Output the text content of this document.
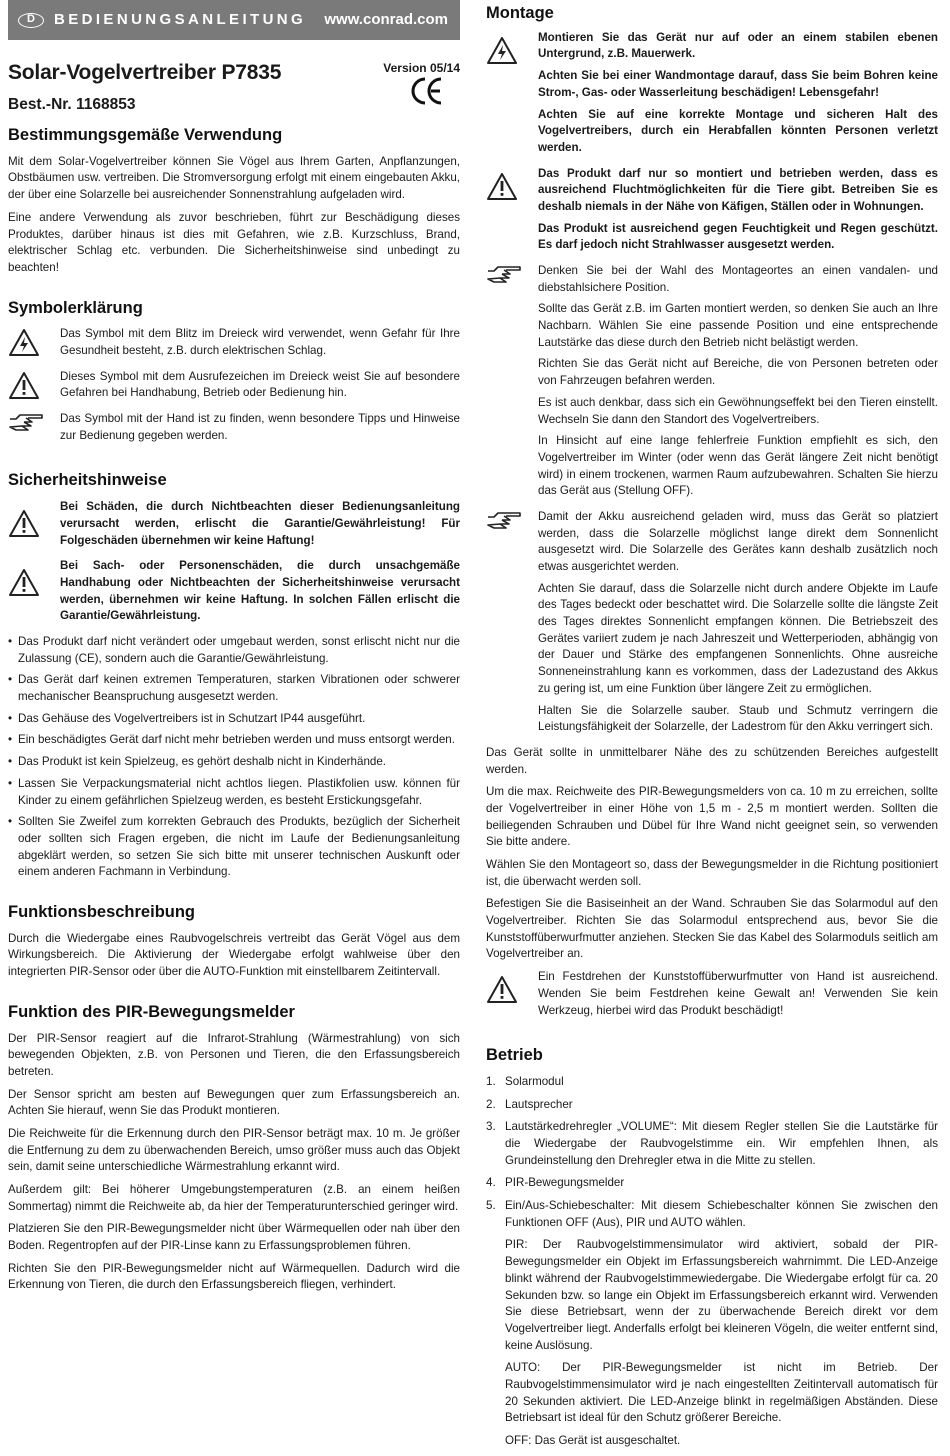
D	BEDIENUNGSANLEITUNG www.conrad.com
Solar-Vogelvertreiber P7835
Best.-Nr. 1168853
Version 05/14
Bestimmungsgemäße Verwendung

Mit dem Solar-Vogelvertreiber können Sie Vögel aus Ihrem Garten, Anpflanzungen, Obstbäumen usw. vertreiben. Die Stromversorgung erfolgt mit einem eingebauten Akku, der über eine Solarzelle bei ausreichender Sonnenstrahlung aufgeladen wird.

Eine andere Verwendung als zuvor beschrieben, führt zur Beschädigung dieses Produktes, darüber hinaus ist dies mit Gefahren, wie z.B. Kurzschluss, Brand, elektrischer Schlag etc. verbunden. Die Sicherheitshinweise sind unbedingt zu beachten!

Symbolerklärung

Das Symbol mit dem Blitz im Dreieck wird verwendet, wenn Gefahr für Ihre Gesundheit besteht, z.B. durch elektrischen Schlag.

Dieses Symbol mit dem Ausrufezeichen im Dreieck weist Sie auf besondere Gefahren bei Handhabung, Betrieb oder Bedienung hin.

Das Symbol mit der Hand ist zu finden, wenn besondere Tipps und Hinweise zur Bedienung gegeben werden.

Sicherheitshinweise

Bei Schäden, die durch Nichtbeachten dieser Bedienungsanleitung verursacht werden, erlischt die Garantie/Gewährleistung! Für Folgeschäden übernehmen wir keine Haftung!

Bei Sach- oder Personenschäden, die durch unsachgemäße Handhabung oder Nichtbeachten der Sicherheitshinweise verursacht werden, übernehmen wir keine Haftung. In solchen Fällen erlischt die Garantie/Gewährleistung.

• Das Produkt darf nicht verändert oder umgebaut werden, sonst erlischt nicht nur die Zulassung (CE), sondern auch die Garantie/Gewährleistung.
• Das Gerät darf keinen extremen Temperaturen, starken Vibrationen oder schwerer mechanischer Beanspruchung ausgesetzt werden.
• Das Gehäuse des Vogelvertreibers ist in Schutzart IP44 ausgeführt.
• Ein beschädigtes Gerät darf nicht mehr betrieben werden und muss entsorgt werden.
• Das Produkt ist kein Spielzeug, es gehört deshalb nicht in Kinderhände.
• Lassen Sie Verpackungsmaterial nicht achtlos liegen. Plastikfolien usw. können für Kinder zu einem gefährlichen Spielzeug werden, es besteht Erstickungsgefahr.
• Sollten Sie Zweifel zum korrekten Gebrauch des Produkts, bezüglich der Sicherheit oder sollten sich Fragen ergeben, die nicht im Laufe der Bedienungsanleitung abgeklärt werden, so setzen Sie sich bitte mit unserer technischen Auskunft oder einem anderen Fachmann in Verbindung.
Funktionsbeschreibung

Durch die Wiedergabe eines Raubvogelschreis vertreibt das Gerät Vögel aus dem Wirkungsbereich. Die Aktivierung der Wiedergabe erfolgt wahlweise über den integrierten PIR-Sensor oder über die AUTO-Funktion mit einstellbarem Zeitintervall.

Funktion des PIR-Bewegungsmelder

Der PIR-Sensor reagiert auf die Infrarot-Strahlung (Wärmestrahlung) von sich bewegenden Objekten, z.B. von Personen und Tieren, die den Erfassungsbereich betreten.

Der Sensor spricht am besten auf Bewegungen quer zum Erfassungsbereich an. Achten Sie hierauf, wenn Sie das Produkt montieren.

Die Reichweite für die Erkennung durch den PIR-Sensor beträgt max. 10 m. Je größer die Entfernung zu dem zu überwachenden Bereich, umso größer muss auch das Objekt sein, damit seine unterschiedliche Wärmestrahlung erkannt wird.

Außerdem gilt: Bei höherer Umgebungstemperaturen (z.B. an einem heißen Sommertag) nimmt die Reichweite ab, da hier der Temperaturunterschied geringer wird.

Platzieren Sie den PIR-Bewegungsmelder nicht über Wärmequellen oder nah über den Boden. Regentropfen auf der PIR-Linse kann zu Erfassungsproblemen führen.

Richten Sie den PIR-Bewegungsmelder nicht auf Wärmequellen. Dadurch wird die Erkennung von Tieren, die durch den Erfassungsbereich fliegen, verhindert.

Montage

Montieren Sie das Gerät nur auf oder an einem stabilen ebenen Untergrund, z.B. Mauerwerk.

Achten Sie bei einer Wandmontage darauf, dass Sie beim Bohren keine Strom-, Gas- oder Wasserleitung beschädigen! Lebensgefahr!

Achten Sie auf eine korrekte Montage und sicheren Halt des Vogelvertreibers, durch ein Herabfallen könnten Personen verletzt werden.

Das Produkt darf nur so montiert und betrieben werden, dass es ausreichend Fluchtmöglichkeiten für die Tiere gibt. Betreiben Sie es deshalb niemals in der Nähe von Käfigen, Ställen oder in Wohnungen.

Das Produkt ist ausreichend gegen Feuchtigkeit und Regen geschützt. Es darf jedoch nicht Strahlwasser ausgesetzt werden.

Denken Sie bei der Wahl des Montageortes an einen vandalen- und diebstahlsichere Position.

Sollte das Gerät z.B. im Garten montiert werden, so denken Sie auch an Ihre Nachbarn. Wählen Sie eine passende Position und eine entsprechende Lautstärke das diese durch den Betrieb nicht belästigt werden.

Richten Sie das Gerät nicht auf Bereiche, die von Personen betreten oder von Fahrzeugen befahren werden.

Es ist auch denkbar, dass sich ein Gewöhnungseffekt bei den Tieren einstellt. Wechseln Sie dann den Standort des Vogelvertreibers.

In Hinsicht auf eine lange fehlerfreie Funktion empfiehlt es sich, den Vogelvertreiber im Winter (oder wenn das Gerät längere Zeit nicht benötigt wird) in einem trockenen, warmen Raum aufzubewahren. Schalten Sie hierzu das Gerät aus (Stellung OFF).

Damit der Akku ausreichend geladen wird, muss das Gerät so platziert werden, dass die Solarzelle möglichst lange direkt dem Sonnenlicht ausgesetzt wird. Die Solarzelle des Gerätes kann deshalb zusätzlich noch etwas ausgerichtet werden.

Achten Sie darauf, dass die Solarzelle nicht durch andere Objekte im Laufe des Tages bedeckt oder beschattet wird. Die Solarzelle sollte die längste Zeit des Tages direktes Sonnenlicht empfangen können. Die Betriebszeit des Gerätes variiert zudem je nach Jahreszeit und Wetterperioden, abhängig von der Dauer und Stärke des empfangenen Sonnenlichts. Ohne ausreiche Sonneneinstrahlung kann es vorkommen, dass der Ladezustand des Akkus zu gering ist, um eine Funktion über längere Zeit zu ermöglichen.

Halten Sie die Solarzelle sauber. Staub und Schmutz verringern die Leistungsfähigkeit der Solarzelle, der Ladestrom für den Akku verringert sich.

Das Gerät sollte in unmittelbarer Nähe des zu schützenden Bereiches aufgestellt werden.

Um die max. Reichweite des PIR-Bewegungsmelders von ca. 10 m zu erreichen, sollte der Vogelvertreiber in einer Höhe von 1,5 m - 2,5 m montiert werden. Sollten die beiliegenden Schrauben und Dübel für Ihre Wand nicht geeignet sein, so verwenden Sie bitte andere.

Wählen Sie den Montageort so, dass der Bewegungsmelder in die Richtung positioniert ist, die überwacht werden soll.

Befestigen Sie die Basiseinheit an der Wand. Schrauben Sie das Solarmodul auf den Vogelvertreiber. Richten Sie das Solarmodul entsprechend aus, bevor Sie die Kunststoffüberwurfmutter anziehen. Stecken Sie das Kabel des Solarmoduls seitlich am Vogelvertreiber an.

Ein Festdrehen der Kunststoffüberwurfmutter von Hand ist ausreichend. Wenden Sie beim Festdrehen keine Gewalt an! Verwenden Sie kein Werkzeug, hierbei wird das Produkt beschädigt!

Betrieb
1. Solarmodul
2. Lautsprecher
3. Lautstärkedrehregler „VOLUME“: Mit diesem Regler stellen Sie die Lautstärke für die Wiedergabe der Raubvogelstimme ein. Wir empfehlen Ihnen, als Grundeinstellung den Drehregler etwa in die Mitte zu stellen.
4. PIR-Bewegungsmelder
5. Ein/Aus-Schiebeschalter: Mit diesem Schiebeschalter können Sie zwischen den Funktionen OFF (Aus), PIR und AUTO wählen.

PIR: Der Raubvogelstimmensimulator wird aktiviert, sobald der PIR-Bewegungsmelder ein Objekt im Erfassungsbereich wahrnimmt. Die LED-Anzeige blinkt während der Raubvogelstimmewiedergabe. Die Wiedergabe erfolgt für ca. 20 Sekunden bzw. so lange ein Objekt im Erfassungsbereich erkannt wird. Verwenden Sie diese Betriebsart, wenn der zu überwachende Bereich direkt vor dem Vogelvertreiber liegt. Anderfalls erfolgt bei kleineren Vögeln, die weiter entfernt sind, keine Auslösung.

AUTO: Der PIR-Bewegungsmelder ist nicht im Betrieb. Der Raubvogelstimmensimulator wird je nach eingestellten Zeitintervall automatisch für 20 Sekunden aktiviert. Die LED-Anzeige blinkt in regelmäßigen Abständen. Diese Betriebsart ist ideal für den Schutz größerer Bereiche.

OFF: Das Gerät ist ausgeschaltet.
